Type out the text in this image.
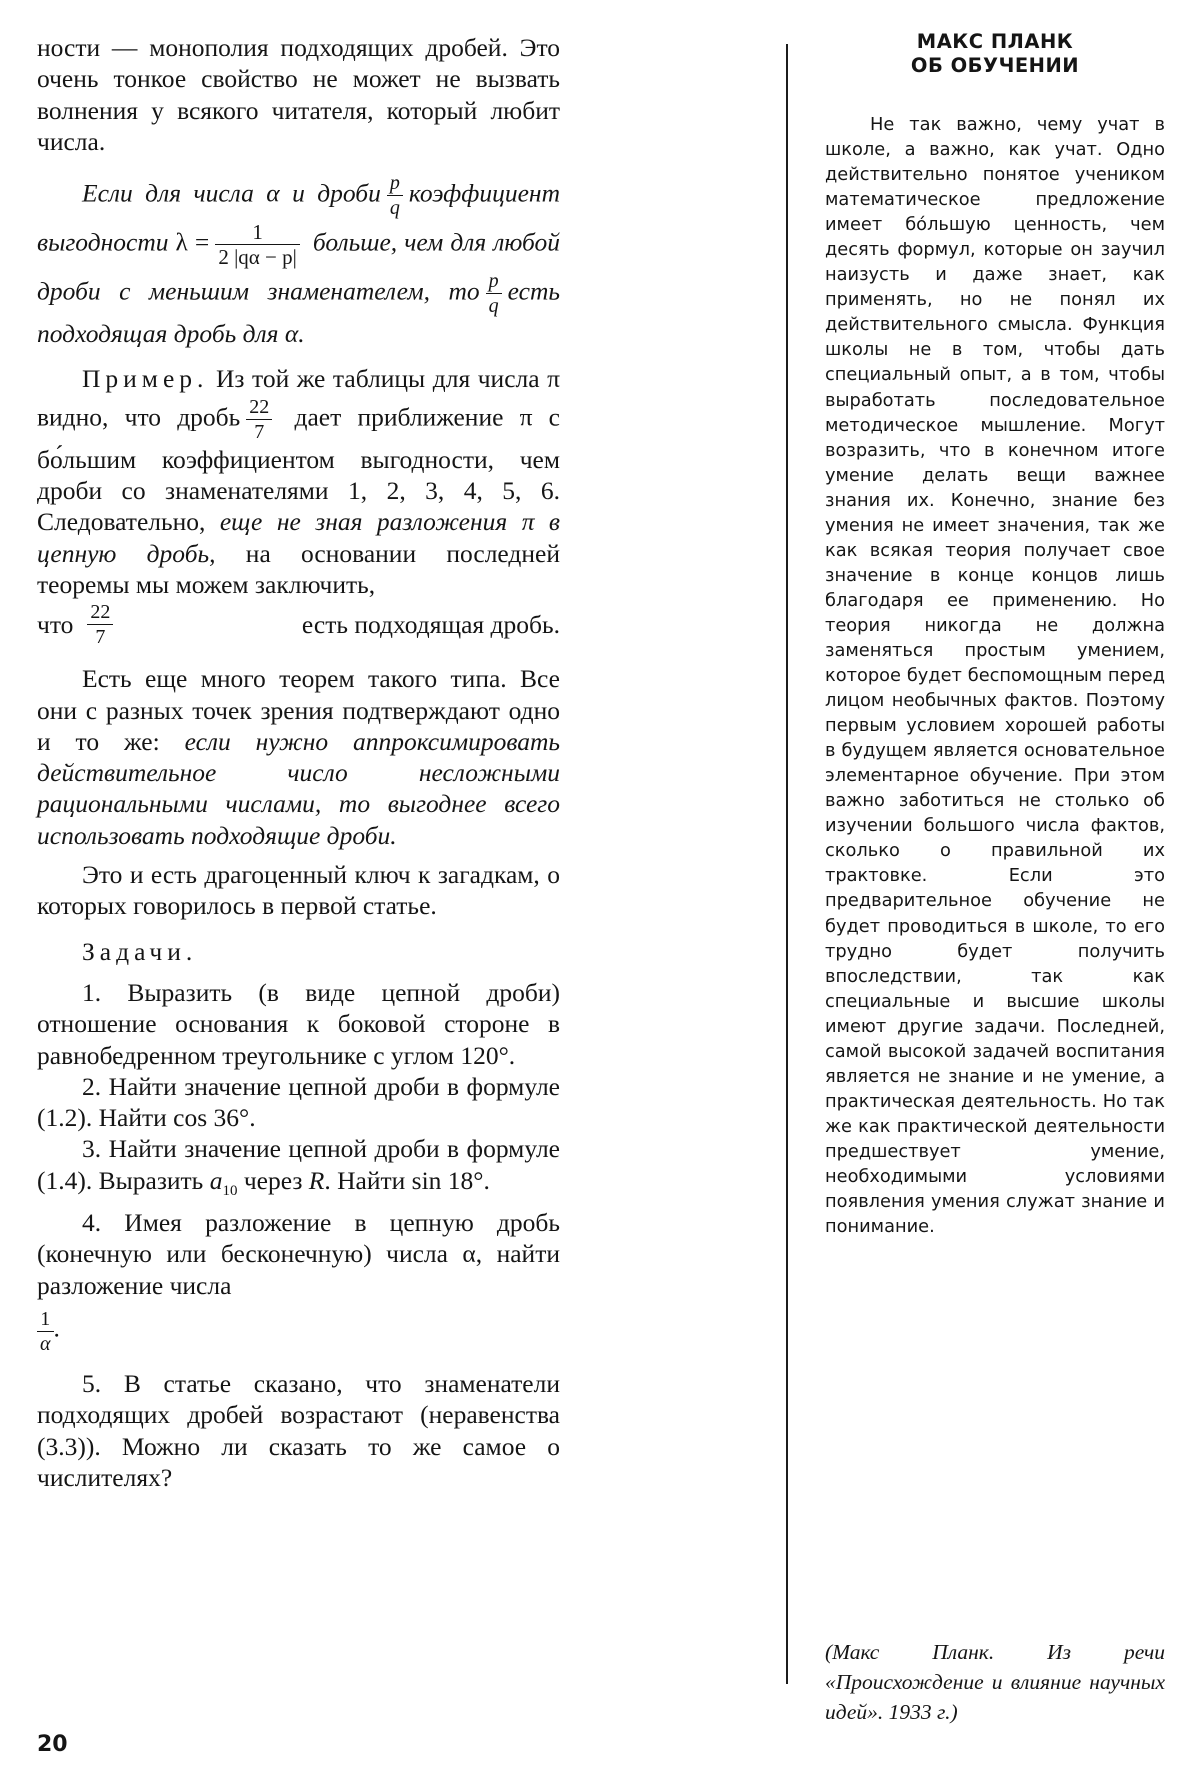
ности — монополия подходящих дробей. Это очень тонкое свойство не может не вызвать волнения у всякого читателя, который любит числа.

Если для числа α и дроби $\frac{p}{q}$ коэффициент выгодности $\lambda = \frac{1}{2 |q\alpha - p|}$ больше, чем для любой дроби с меньшим знаменателем, то $\frac{p}{q}$ есть подходящая дробь для α.

Пример. Из той же таблицы для числа π видно, что дробь $\frac{22}{7}$ дает приближение π с бо́льшим коэффициентом выгодности, чем дроби со знаменателями 1, 2, 3, 4, 5, 6. Следовательно, еще не зная разложения π в цепную дробь, на основании последней теоремы мы можем заключить,

что $\frac{22}{7}$	есть подходящая дробь.

Есть еще много теорем такого типа. Все они с разных точек зрения подтверждают одно и то же: если нужно аппроксимировать действительное число несложными рациональными числами, то выгоднее всего использовать подходящие дроби.

Это и есть драгоценный ключ к загадкам, о которых говорилось в первой статье.

Задачи.

1. Выразить (в виде цепной дроби) отношение основания к боковой стороне в равнобедренном треугольнике с углом 120°.

2. Найти значение цепной дроби в формуле (1.2). Найти cos 36°.

3. Найти значение цепной дроби в формуле (1.4). Выразить $a_{10}$ через R. Найти sin 18°.

4. Имея разложение в цепную дробь (конечную или бесконечную) числа α, найти разложение числа

$\frac{1}{\alpha}$ .

5. В статье сказано, что знаменатели подходящих дробей возрастают (неравенства (3.3)). Можно ли сказать то же самое о числителях?

МАКС ПЛАНК
ОБ ОБУЧЕНИИ

Не так важно, чему учат в школе, а важно, как учат. Одно действительно понятое учеником математическое предложение имеет бо́льшую ценность, чем десять формул, которые он заучил наизусть и даже знает, как применять, но не понял их действительного смысла. Функция школы не в том, чтобы дать специальный опыт, а в том, чтобы выработать последовательное методическое мышление. Могут возразить, что в конечном итоге умение делать вещи важнее знания их. Конечно, знание без умения не имеет значения, так же как всякая теория получает свое значение в конце концов лишь благодаря ее применению. Но теория никогда не должна заменяться простым умением, которое будет беспомощным перед лицом необычных фактов. Поэтому первым условием хорошей работы в будущем является основательное элементарное обучение. При этом важно заботиться не столько об изучении большого числа фактов, сколько о правильной их трактовке. Если это предварительное обучение не будет проводиться в школе, то его трудно будет получить впоследствии, так как специальные и высшие школы имеют другие задачи. Последней, самой высокой задачей воспитания является не знание и не умение, а практическая деятельность. Но так же как практической деятельности предшествует умение, необходимыми условиями появления умения служат знание и понимание.

(Макс Планк. Из речи «Происхождение и влияние научных идей». 1933 г.)

20
